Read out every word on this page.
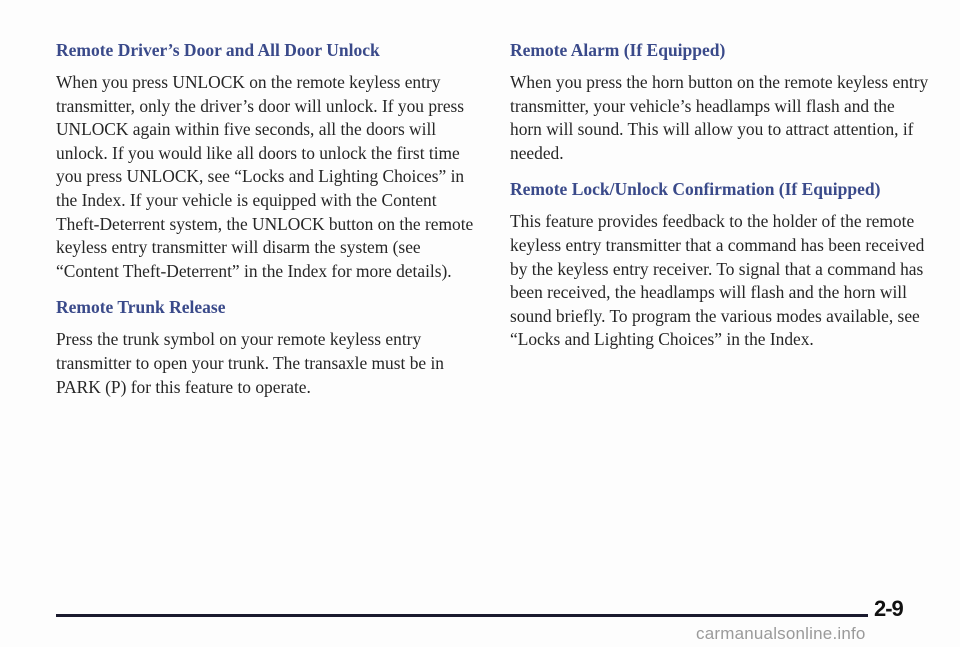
Remote Driver’s Door and All Door Unlock

When you press UNLOCK on the remote keyless entry transmitter, only the driver’s door will unlock. If you press UNLOCK again within five seconds, all the doors will unlock. If you would like all doors to unlock the first time you press UNLOCK, see “Locks and Lighting Choices” in the Index. If your vehicle is equipped with the Content Theft-Deterrent system, the UNLOCK button on the remote keyless entry transmitter will disarm the system (see “Content Theft-Deterrent” in the Index for more details).

Remote Trunk Release

Press the trunk symbol on your remote keyless entry transmitter to open your trunk. The transaxle must be in PARK (P) for this feature to operate.

Remote Alarm (If Equipped)

When you press the horn button on the remote keyless entry transmitter, your vehicle’s headlamps will flash and the horn will sound. This will allow you to attract attention, if needed.

Remote Lock/Unlock Confirmation (If Equipped)

This feature provides feedback to the holder of the remote keyless entry transmitter that a command has been received by the keyless entry receiver. To signal that a command has been received, the headlamps will flash and the horn will sound briefly. To program the various modes available, see “Locks and Lighting Choices” in the Index.

2-9
carmanualsonline.info
